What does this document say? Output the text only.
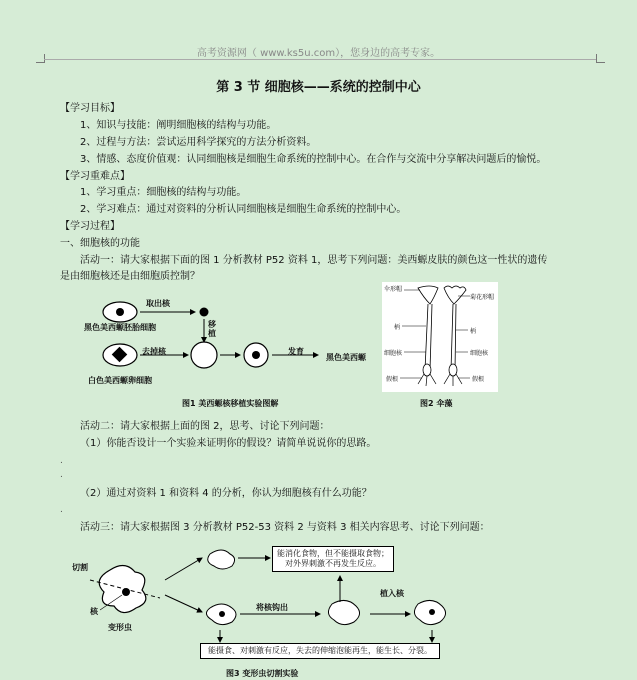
高考资源网（ www.ks5u.com），您身边的高考专家。
第 3 节 细胞核——系统的控制中心
【学习目标】
1、知识与技能：阐明细胞核的结构与功能。
2、过程与方法：尝试运用科学探究的方法分析资料。
3、情感、态度价值观：认同细胞核是细胞生命系统的控制中心。在合作与交流中分享解决问题后的愉悦。
【学习重难点】
1、学习重点：细胞核的结构与功能。
2、学习难点：通过对资料的分析认同细胞核是细胞生命系统的控制中心。
【学习过程】
一、细胞核的功能
活动一：请大家根据下面的图 1 分析教材 P52 资料 1，思考下列问题：美西螈皮肤的颜色这一性状的遗传
是由细胞核还是由细胞质控制？
取出核
移植
黑色美西螈胚胎细胞
去掉核	发育
黑色美西螈
白色美西螈卵细胞
图1 美西螈核移植实验图解
伞形帽
柄
细胞核
假根
菊花形帽
柄
细胞核
假根
图2 伞藻
活动二：请大家根据上面的图 2，思考、讨论下列问题：
（1）你能否设计一个实验来证明你的假设？请简单说说你的思路。
.
.
（2）通过对资料 1 和资料 4 的分析，你认为细胞核有什么功能？
.
活动三：请大家根据图 3 分析教材 P52-53 资料 2 与资料 3 相关内容思考、讨论下列问题：
切割
核
变形虫
能消化食物，但不能摄取食物；
对外界刺激不再发生反应。
将核钩出
植入核
能摄食、对刺激有反应，失去的伸缩泡能再生，能生长、分裂。
图3 变形虫切割实验
